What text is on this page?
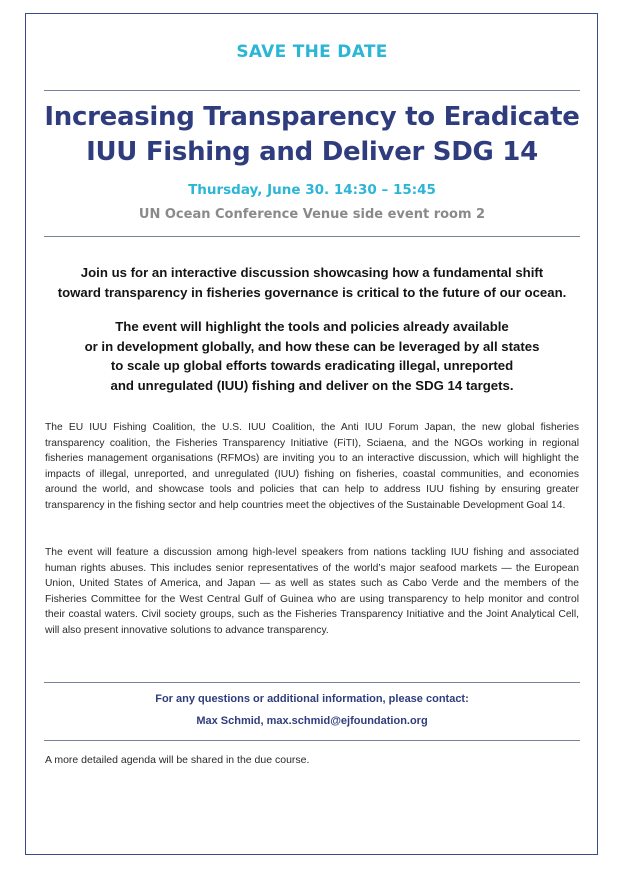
SAVE THE DATE
Increasing Transparency to Eradicate
IUU Fishing and Deliver SDG 14
Thursday, June 30. 14:30 – 15:45
UN Ocean Conference Venue side event room 2
Join us for an interactive discussion showcasing how a fundamental shift
toward transparency in fisheries governance is critical to the future of our ocean.
The event will highlight the tools and policies already available
or in development globally, and how these can be leveraged by all states
to scale up global efforts towards eradicating illegal, unreported
and unregulated (IUU) fishing and deliver on the SDG 14 targets.

The EU IUU Fishing Coalition, the U.S. IUU Coalition, the Anti IUU Forum Japan, the new global fisheries transparency coalition, the Fisheries Transparency Initiative (FiTI), Sciaena, and the NGOs working in regional fisheries management organisations (RFMOs) are inviting you to an interactive discussion, which will highlight the impacts of illegal, unreported, and unregulated (IUU) fishing on fisheries, coastal communities, and economies around the world, and showcase tools and policies that can help to address IUU fishing by ensuring greater transparency in the fishing sector and help countries meet the objectives of the Sustainable Development Goal 14.

The event will feature a discussion among high-level speakers from nations tackling IUU fishing and associated human rights abuses. This includes senior representatives of the world’s major seafood markets — the European Union, United States of America, and Japan — as well as states such as Cabo Verde and the members of the Fisheries Committee for the West Central Gulf of Guinea who are using transparency to help monitor and control their coastal waters. Civil society groups, such as the Fisheries Transparency Initiative and the Joint Analytical Cell, will also present innovative solutions to advance transparency.

For any questions or additional information, please contact:
Max Schmid, max.schmid@ejfoundation.org
A more detailed agenda will be shared in the due course.
